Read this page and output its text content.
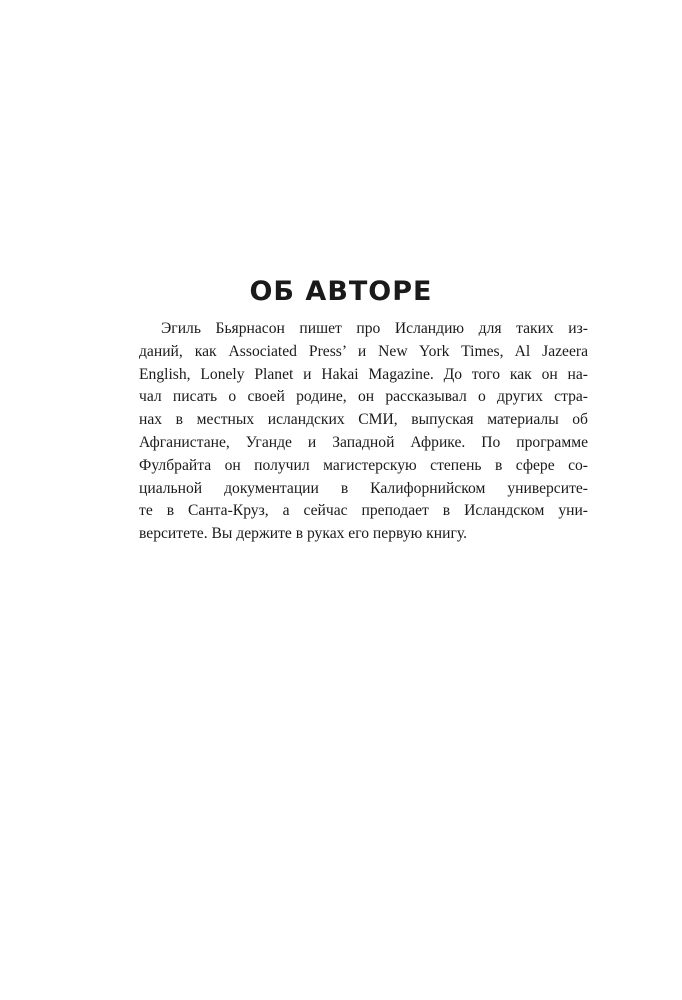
ОБ АВТОРЕ
Эгиль Бьярнасон пишет про Исландию для таких из-
даний, как Associated Press’ и New York Times, Al Jazeera
English, Lonely Planet и Hakai Magazine. До того как он на-
чал писать о своей родине, он рассказывал о других стра-
нах в местных исландских СМИ, выпуская материалы об
Афганистане, Уганде и Западной Африке. По программе
Фулбрайта он получил магистерскую степень в сфере со-
циальной документации в Калифорнийском университе-
те в Санта-Круз, а сейчас преподает в Исландском уни-
верситете. Вы держите в руках его первую книгу.
